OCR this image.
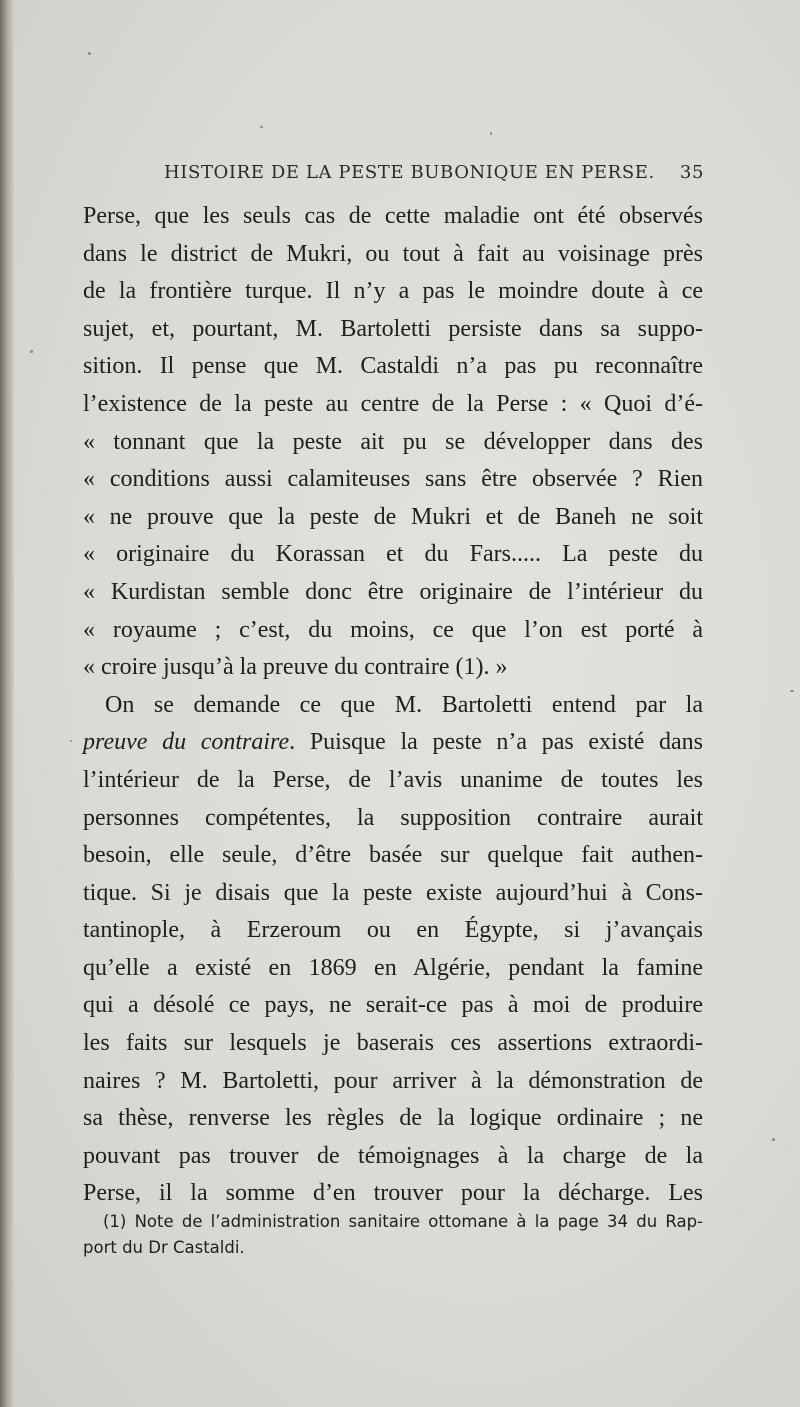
HISTOIRE DE LA PESTE BUBONIQUE EN PERSE. 35
Perse, que les seuls cas de cette maladie ont été observés
dans le district de Mukri, ou tout à fait au voisinage près
de la frontière turque. Il n’y a pas le moindre doute à ce
sujet, et, pourtant, M. Bartoletti persiste dans sa suppo-
sition. Il pense que M. Castaldi n’a pas pu reconnaître
l’existence de la peste au centre de la Perse : « Quoi d’é-
« tonnant que la peste ait pu se développer dans des
« conditions aussi calamiteuses sans être observée ? Rien
« ne prouve que la peste de Mukri et de Baneh ne soit
« originaire du Korassan et du Fars..... La peste du
« Kurdistan semble donc être originaire de l’intérieur du
« royaume ; c’est, du moins, ce que l’on est porté à
« croire jusqu’à la preuve du contraire (1). »
On se demande ce que M. Bartoletti entend par la
preuve du contraire. Puisque la peste n’a pas existé dans
l’intérieur de la Perse, de l’avis unanime de toutes les
personnes compétentes, la supposition contraire aurait
besoin, elle seule, d’être basée sur quelque fait authen-
tique. Si je disais que la peste existe aujourd’hui à Cons-
tantinople, à Erzeroum ou en Égypte, si j’avançais
qu’elle a existé en 1869 en Algérie, pendant la famine
qui a désolé ce pays, ne serait-ce pas à moi de produire
les faits sur lesquels je baserais ces assertions extraordi-
naires ? M. Bartoletti, pour arriver à la démonstration de
sa thèse, renverse les règles de la logique ordinaire ; ne
pouvant pas trouver de témoignages à la charge de la
Perse, il la somme d’en trouver pour la décharge. Les
(1) Note de l’administration sanitaire ottomane à la page 34 du Rap-
port du Dr Castaldi.
